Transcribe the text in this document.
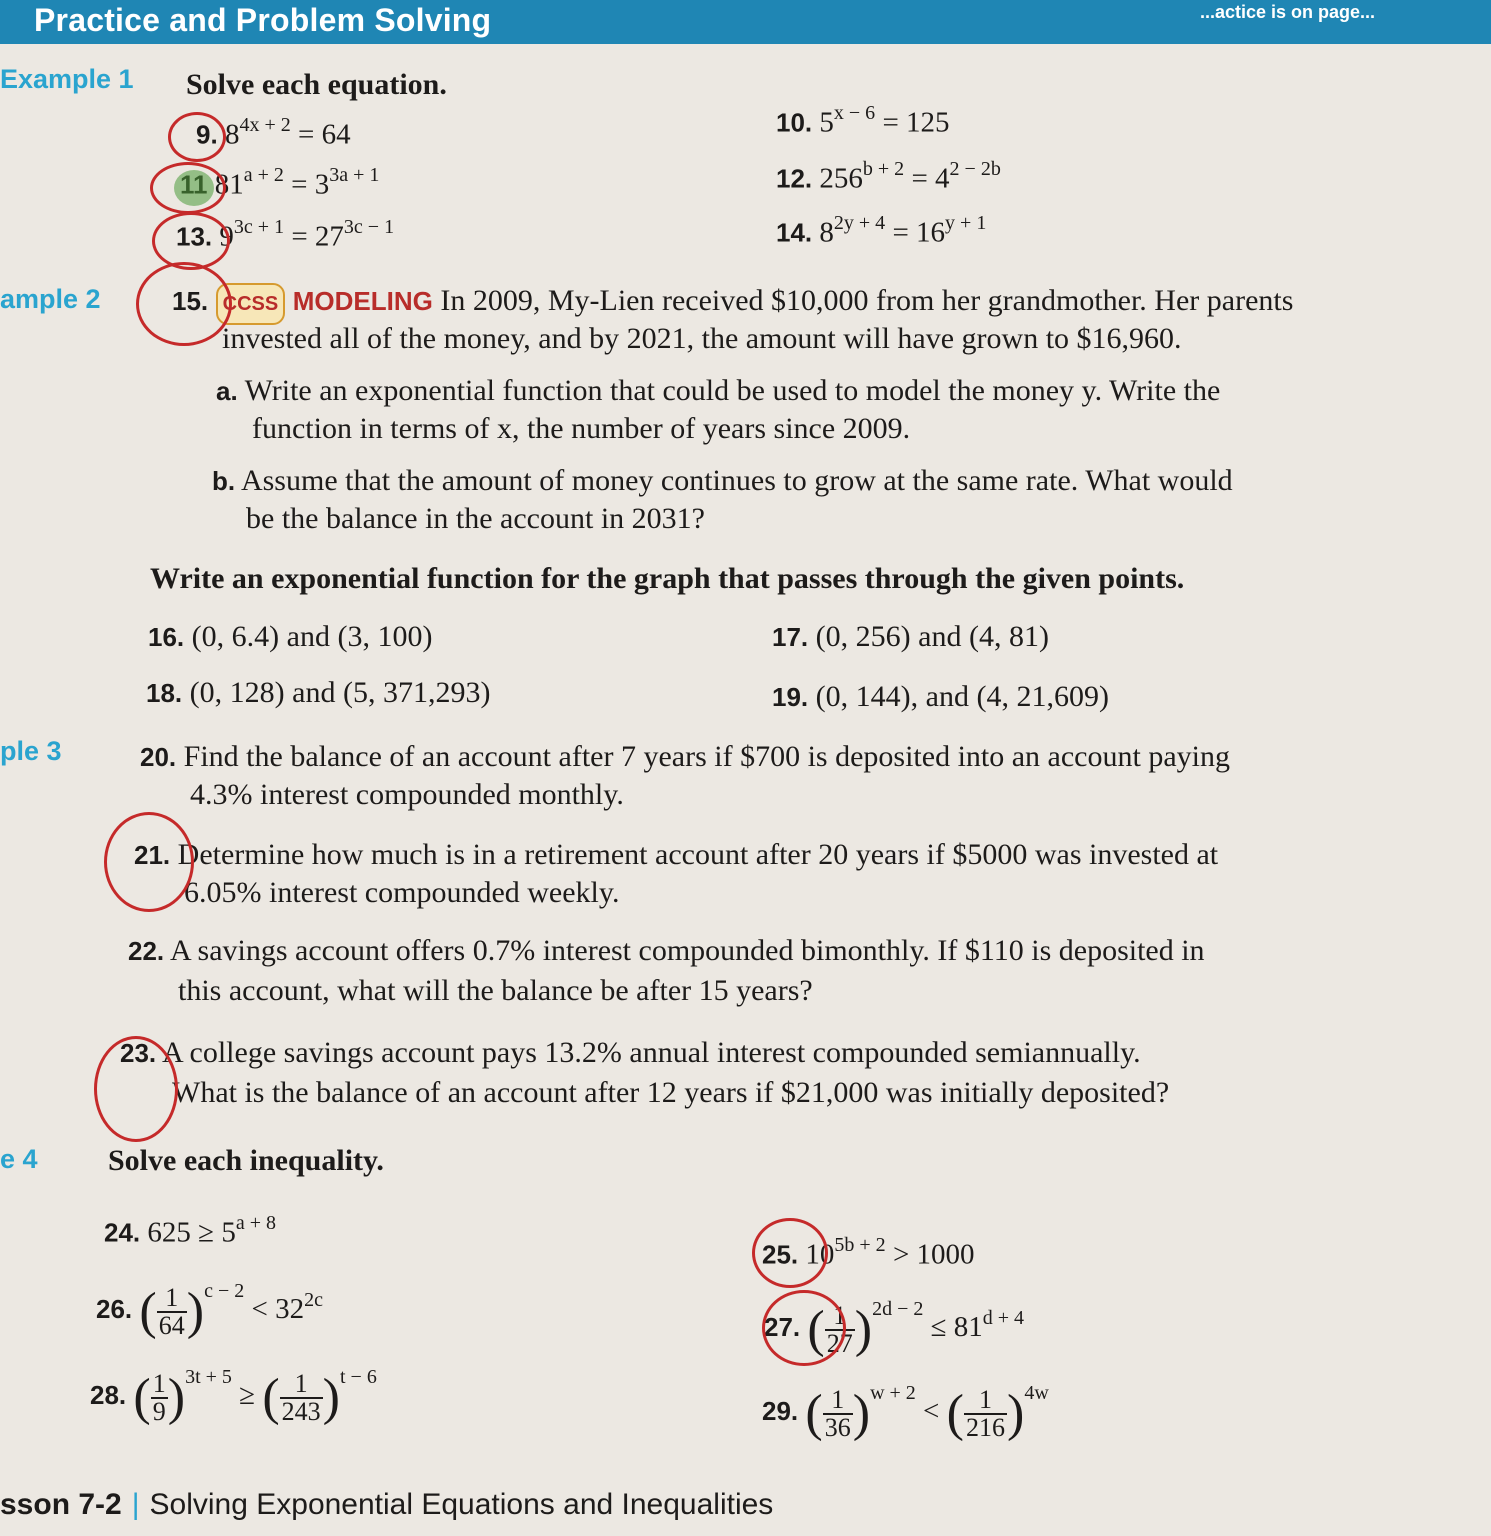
Practice and Problem Solving	...actice is on page...
Example 1
ample 2
ple 3
e 4
Solve each equation.
9. $8^{4x + 2} = 64$	10. $5^{x - 6} = 125$
$81^{a + 2} = 3^{3a + 1}$	12. $256^{b + 2} = 4^{2 - 2b}$
13. $9^{3c + 1} = 27^{3c - 1}$	14. $8^{2y + 4} = 16^{y + 1}$
15. CCSS MODELING In 2009, My-Lien received $10,000 from her grandmother. Her parents
invested all of the money, and by 2021, the amount will have grown to $16,960.
a. Write an exponential function that could be used to model the money y. Write the
function in terms of x, the number of years since 2009.
b. Assume that the amount of money continues to grow at the same rate. What would
be the balance in the account in 2031?
Write an exponential function for the graph that passes through the given points.
16. (0, 6.4) and (3, 100)	17. (0, 256) and (4, 81)
18. (0, 128) and (5, 371,293)	19. (0, 144), and (4, 21,609)
20. Find the balance of an account after 7 years if $700 is deposited into an account paying
4.3% interest compounded monthly.
21. Determine how much is in a retirement account after 20 years if $5000 was invested at
6.05% interest compounded weekly.
22. A savings account offers 0.7% interest compounded bimonthly. If $110 is deposited in
this account, what will the balance be after 15 years?
23. A college savings account pays 13.2% annual interest compounded semiannually.
What is the balance of an account after 12 years if $21,000 was initially deposited?
Solve each inequality.
24. $625 \ge 5^{a + 8}$
25. $10^{5b + 2} > 1000$
26. ( $\frac{1}{64} )^{c - 2} < 32^{2c}$
27. ( $\frac{1}{27} )^{2d - 2} \le 81^{d + 4}$
28. ( $\frac{1}{9} )^{3t + 5}$ ≥ ( $\frac{1}{243} )^{t - 6}$
29. ( $\frac{1}{36} )^{w + 2}$ < ( $\frac{1}{216} )^{4w}$
sson 7-2 | Solving Exponential Equations and Inequalities
